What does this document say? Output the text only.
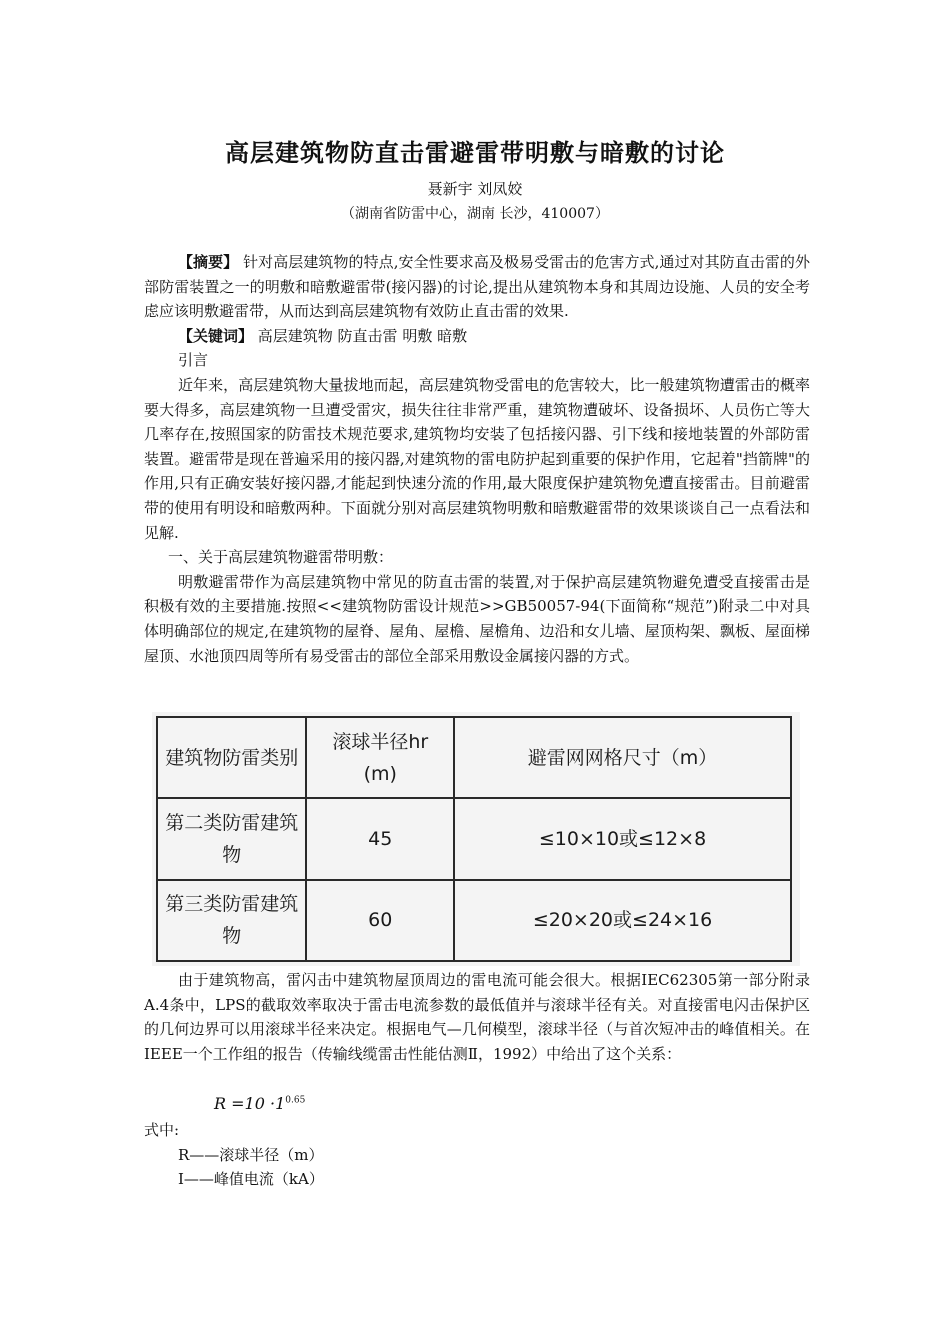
高层建筑物防直击雷避雷带明敷与暗敷的讨论
聂新宇 刘凤姣
（湖南省防雷中心，湖南 长沙，410007）

【摘要】 针对高层建筑物的特点,安全性要求高及极易受雷击的危害方式,通过对其防直击雷的外部防雷装置之一的明敷和暗敷避雷带(接闪器)的讨论,提出从建筑物本身和其周边设施、人员的安全考虑应该明敷避雷带，从而达到高层建筑物有效防止直击雷的效果.

【关键词】 高层建筑物 防直击雷 明敷 暗敷

引言

近年来，高层建筑物大量拔地而起，高层建筑物受雷电的危害较大，比一般建筑物遭雷击的概率要大得多，高层建筑物一旦遭受雷灾，损失往往非常严重，建筑物遭破坏、设备损坏、人员伤亡等大几率存在,按照国家的防雷技术规范要求,建筑物均安装了包括接闪器、引下线和接地装置的外部防雷装置。避雷带是现在普遍采用的接闪器,对建筑物的雷电防护起到重要的保护作用，它起着"挡箭牌"的作用,只有正确安装好接闪器,才能起到快速分流的作用,最大限度保护建筑物免遭直接雷击。目前避雷带的使用有明设和暗敷两种。下面就分别对高层建筑物明敷和暗敷避雷带的效果谈谈自己一点看法和见解.

一、关于高层建筑物避雷带明敷：

明敷避雷带作为高层建筑物中常见的防直击雷的装置,对于保护高层建筑物避免遭受直接雷击是积极有效的主要措施.按照<<建筑物防雷设计规范>>GB50057-94(下面简称“规范”)附录二中对具体明确部位的规定,在建筑物的屋脊、屋角、屋檐、屋檐角、边沿和女儿墙、屋顶构架、飘板、屋面梯屋顶、水池顶四周等所有易受雷击的部位全部采用敷设金属接闪器的方式。

建筑物防雷类别	滚球半径hr (m)	避雷网网格尺寸（m）
第二类防雷建筑物	45	≤10×10或≤12×8
第三类防雷建筑物	60	≤20×20或≤24×16

由于建筑物高，雷闪击中建筑物屋顶周边的雷电流可能会很大。根据IEC62305第一部分附录A.4条中，LPS的截取效率取决于雷击电流参数的最低值并与滚球半径有关。对直接雷电闪击保护区的几何边界可以用滚球半径来决定。根据电气—几何模型，滚球半径（与首次短冲击的峰值相关。在IEEE一个工作组的报告（传输线缆雷击性能估测Ⅱ，1992）中给出了这个关系：

$R =10 \cdot 1^{0.65}$

式中:

R——滚球半径（m）

I——峰值电流（kA）
